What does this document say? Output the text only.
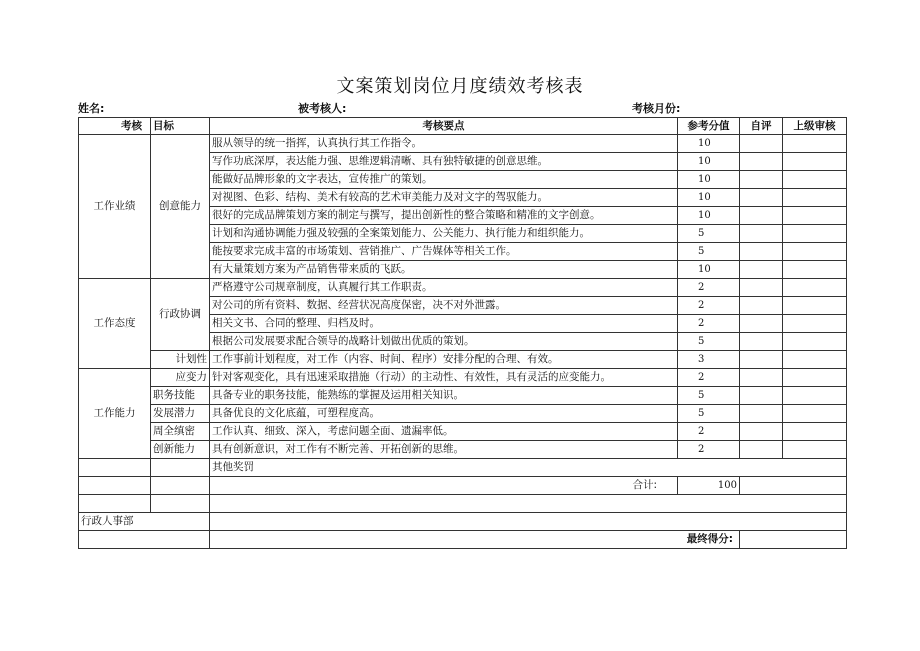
文案策划岗位月度绩效考核表
姓名:	被考核人:	考核月份:
考核	目标	考核要点	参考分值	自评	上级审核
工作业绩	创意能力	服从领导的统一指挥，认真执行其工作指令。	10		
		写作功底深厚，表达能力强、思维逻辑清晰、具有独特敏捷的创意思维。	10		
		能做好品牌形象的文字表达，宣传推广的策划。	10		
		对视图、色彩、结构、美术有较高的艺术审美能力及对文字的驾驭能力。	10		
		很好的完成品牌策划方案的制定与撰写，提出创新性的整合策略和精准的文字创意。	10		
		计划和沟通协调能力强及较强的全案策划能力、公关能力、执行能力和组织能力。	5		
		能按要求完成丰富的市场策划、营销推广、广告媒体等相关工作。	5		
		有大量策划方案为产品销售带来质的飞跃。	10		
工作态度	行政协调	严格遵守公司规章制度，认真履行其工作职责。	2		
		对公司的所有资料、数据、经营状况高度保密，决不对外泄露。	2		
		相关文书、合同的整理、归档及时。	2		
		根据公司发展要求配合领导的战略计划做出优质的策划。	5		
	计划性	工作事前计划程度，对工作（内容、时间、程序）安排分配的合理、有效。	3		
工作能力	应变力	针对客观变化，具有迅速采取措施（行动）的主动性、有效性，具有灵活的应变能力。	2		
	职务技能	具备专业的职务技能，能熟练的掌握及运用相关知识。	5		
	发展潜力	具备优良的文化底蕴，可塑程度高。	5		
	周全缜密	工作认真、细致、深入，考虑问题全面、遗漏率低。	2		
	创新能力	具有创新意识，对工作有不断完善、开拓创新的思维。	2		
		其他奖罚			
		合计:	100		

行政人事部					
		最终得分:			
